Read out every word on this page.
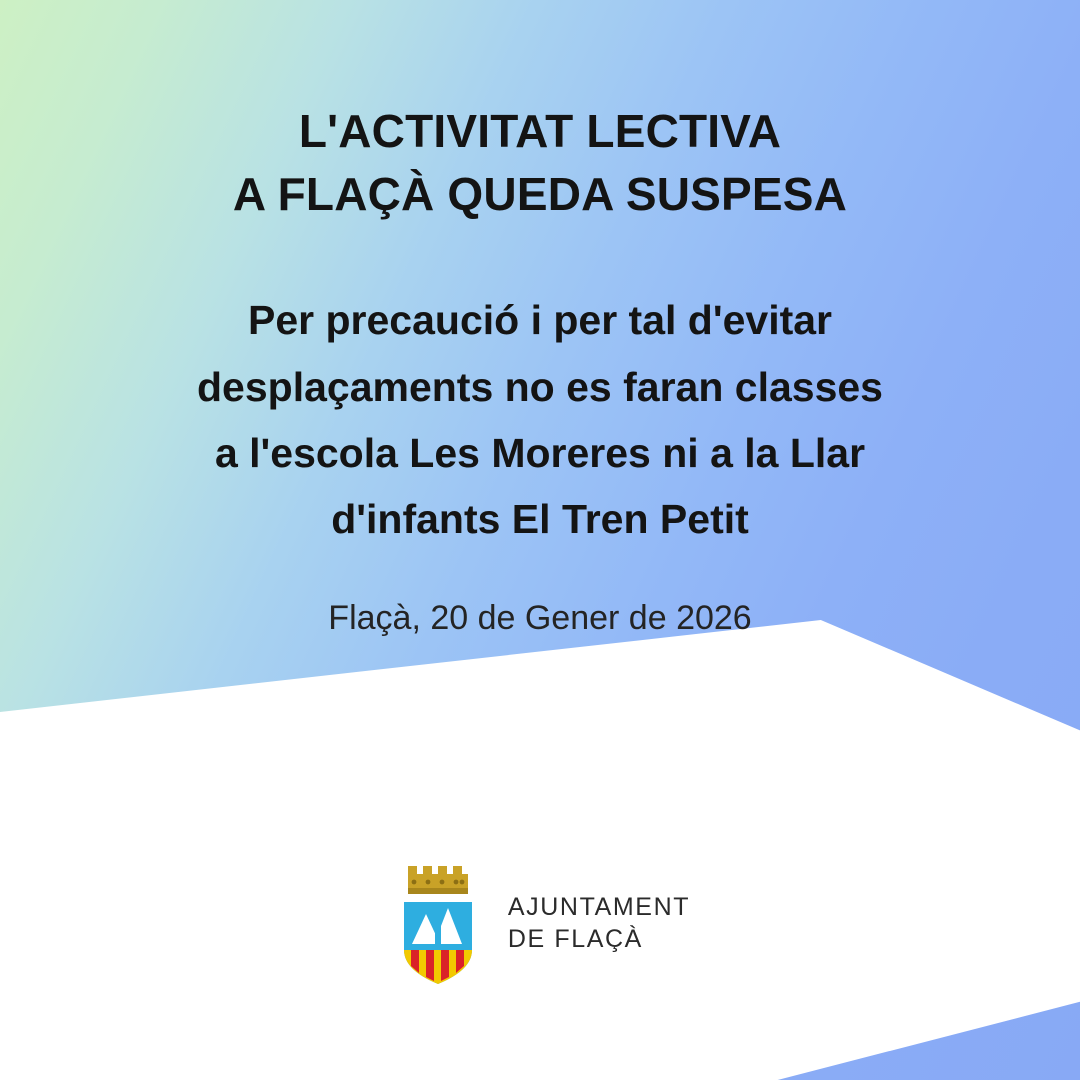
L'ACTIVITAT LECTIVA
A FLAÇÀ QUEDA SUSPESA

Per precaució i per tal d'evitar
desplaçaments no es faran classes
a l'escola Les Moreres ni a la Llar
d'infants El Tren Petit

Flaçà, 20 de Gener de 2026

AJUNTAMENT
DE FLAÇÀ
